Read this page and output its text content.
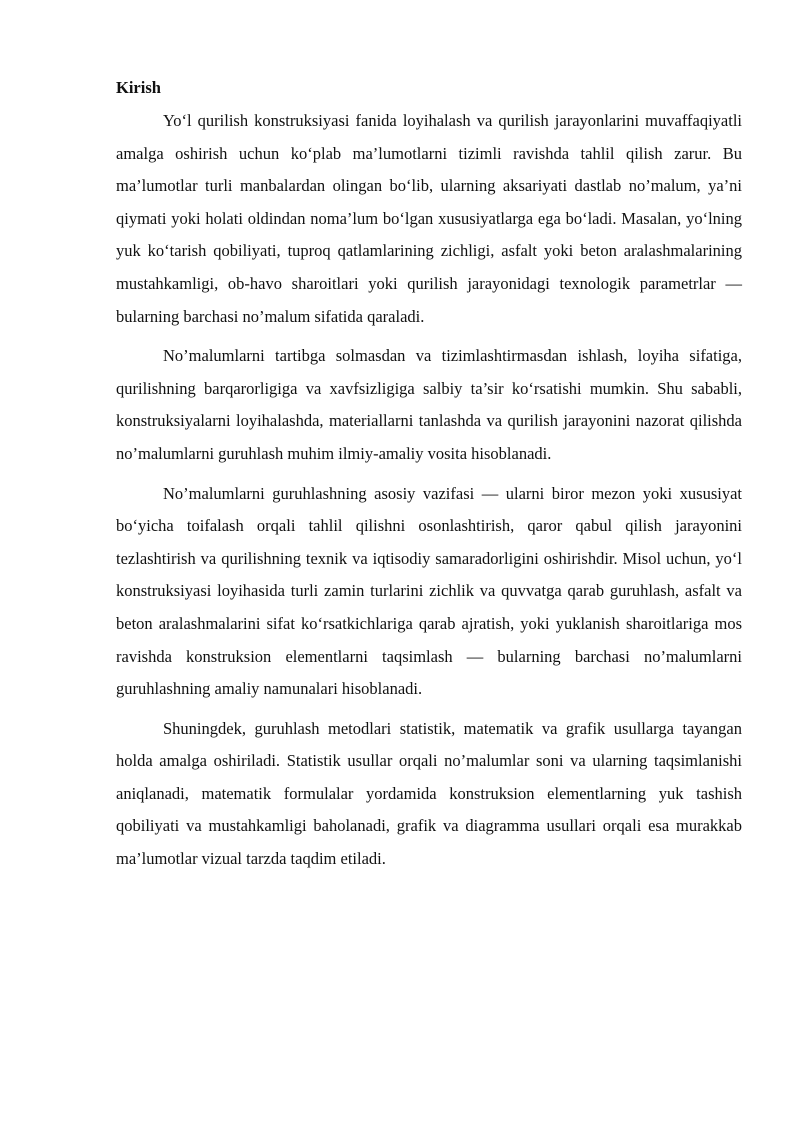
Kirish

Yo‘l qurilish konstruksiyasi fanida loyihalash va qurilish jarayonlarini muvaffaqiyatli amalga oshirish uchun ko‘plab ma’lumotlarni tizimli ravishda tahlil qilish zarur. Bu ma’lumotlar turli manbalardan olingan bo‘lib, ularning aksariyati dastlab no’malum, ya’ni qiymati yoki holati oldindan noma’lum bo‘lgan xususiyatlarga ega bo‘ladi. Masalan, yo‘lning yuk ko‘tarish qobiliyati, tuproq qatlamlarining zichligi, asfalt yoki beton aralashmalarining mustahkamligi, ob-havo sharoitlari yoki qurilish jarayonidagi texnologik parametrlar — bularning barchasi no’malum sifatida qaraladi.

No’malumlarni tartibga solmasdan va tizimlashtirmasdan ishlash, loyiha sifatiga, qurilishning barqarorligiga va xavfsizligiga salbiy ta’sir ko‘rsatishi mumkin. Shu sababli, konstruksiyalarni loyihalashda, materiallarni tanlashda va qurilish jarayonini nazorat qilishda no’malumlarni guruhlash muhim ilmiy-amaliy vosita hisoblanadi.

No’malumlarni guruhlashning asosiy vazifasi — ularni biror mezon yoki xususiyat bo‘yicha toifalash orqali tahlil qilishni osonlashtirish, qaror qabul qilish jarayonini tezlashtirish va qurilishning texnik va iqtisodiy samaradorligini oshirishdir. Misol uchun, yo‘l konstruksiyasi loyihasida turli zamin turlarini zichlik va quvvatga qarab guruhlash, asfalt va beton aralashmalarini sifat ko‘rsatkichlariga qarab ajratish, yoki yuklanish sharoitlariga mos ravishda konstruksion elementlarni taqsimlash — bularning barchasi no’malumlarni guruhlashning amaliy namunalari hisoblanadi.

Shuningdek, guruhlash metodlari statistik, matematik va grafik usullarga tayangan holda amalga oshiriladi. Statistik usullar orqali no’malumlar soni va ularning taqsimlanishi aniqlanadi, matematik formulalar yordamida konstruksion elementlarning yuk tashish qobiliyati va mustahkamligi baholanadi, grafik va diagramma usullari orqali esa murakkab ma’lumotlar vizual tarzda taqdim etiladi.
